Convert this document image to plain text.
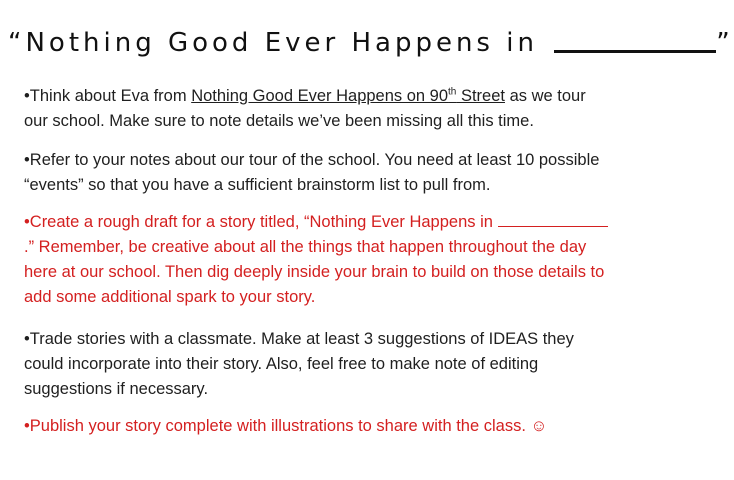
“Nothing Good Ever Happens in	”
•Think about Eva from Nothing Good Ever Happens on 90th Street as we tour our school. Make sure to note details we’ve been missing all this time.
•Refer to your notes about our tour of the school. You need at least 10 possible “events” so that you have a sufficient brainstorm list to pull from.
•Create a rough draft for a story titled, “Nothing Ever Happens in .” Remember, be creative about all the things that happen throughout the day here at our school. Then dig deeply inside your brain to build on those details to add some additional spark to your story.
•Trade stories with a classmate. Make at least 3 suggestions of IDEAS they could incorporate into their story. Also, feel free to make note of editing suggestions if necessary.
•Publish your story complete with illustrations to share with the class. ☺
